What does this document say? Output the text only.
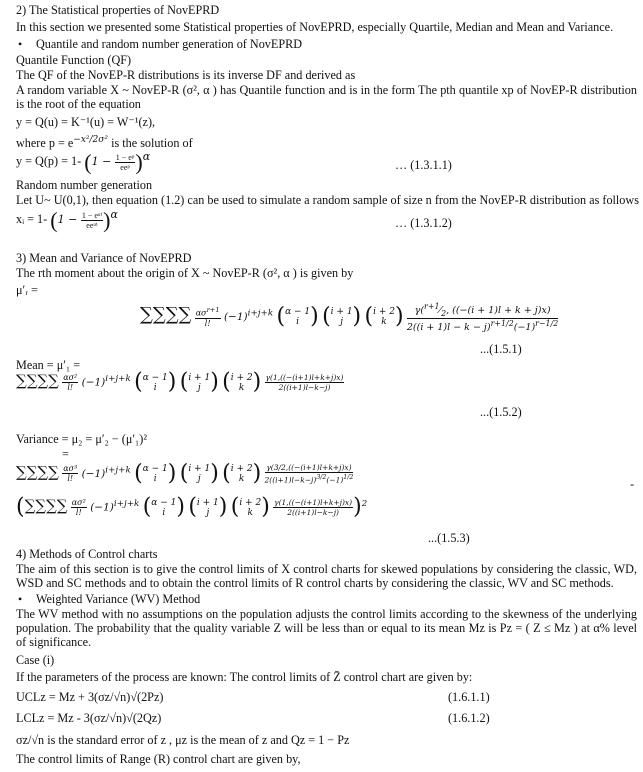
2) The Statistical properties of NovEPRD
In this section we presented some Statistical properties of NovEPRD, especially Quartile, Median and Mean and Variance.
• Quantile and random number generation of NovEPRD
Quantile Function (QF)
The QF of the NovEP-R distributions is its inverse DF and derived as
A random variable X ~ NovEP-R (σ², α ) has Quantile function and is in the form The pth quantile xp of NovEP-R distribution is the root of the equation
y = Q(u) = K⁻¹(u) = W⁻¹(z),
where $p = e^{-x^2/2\sigma^2}$ is the solution of
y = Q(p) = 1- $(1 - \frac{\text{1 − eᵖ}}{\text{eeᵖ}} )^\alpha$
… (1.3.1.1)
Random number generation
Let U~ U(0,1), then equation (1.2) can be used to simulate a random sample of size n from the NovEP-R distribution as follows
xᵢ = 1- $(1 - \frac{\text{1 − eᵘⁱ}}{\text{eeᵘⁱ}} )^\alpha$
… (1.3.1.2)
3) Mean and Variance of NovEPRD
The rth moment about the origin of X ~ NovEP-R (σ², α ) is given by
μ′ᵣ =
∑∑∑∑ $\frac{\alpha\sigma^{r+1}}{l!} (-1)^{i+j+k}$ ( α − 1
i ) ( i + 1
j ) ( i + 2
k ) $\frac{\gamma(^{r+1}⁄_2, ((-(i + 1)l + k + j)x)}{2((i + 1)l - k - j)^{r+1/2}(-1)^{r-1/2}}$
...(1.5.1)
Mean = μ′₁ =
∑∑∑∑ $\frac{\text{ασ²}}{l!} (-1)^{i+j+k}$ ( α − 1
i ) ( i + 1
j ) ( i + 2
k ) $\frac{\gamma(1,((-(i+1)l+k+j)x)}{2((i+1)l-k-j)}$
...(1.5.2)
Variance = μ₂ = μ′₂ − (μ′₁)²
=
∑∑∑∑ $\frac{\text{ασ³}}{l!} (-1)^{i+j+k}$ ( α − 1
i ) ( i + 1
j ) ( i + 2
k ) $\frac{\gamma(3/2,((-(i+1)l+k+j)x)}{2((i+1)l-k-j)^{3/2}(-1)^{1/2}}$	-
(∑∑∑∑ $\frac{\text{ασ²}}{l!} (-1)^{i+j+k}$ ( α − 1
i ) ( i + 1
j ) ( i + 2
k ) $\frac{\gamma(1,((-(i+1)l+k+j)x)}{2((i+1)l-k-j)} )^2$
...(1.5.3)
4) Methods of Control charts
The aim of this section is to give the control limits of X control charts for skewed populations by considering the classic, WD, WSD and SC methods and to obtain the control limits of R control charts by considering the classic, WV and SC methods.
• Weighted Variance (WV) Method
The WV method with no assumptions on the population adjusts the control limits according to the skewness of the underlying population. The probability that the quality variable Z will be less than or equal to its mean Mz is Pz = ( Z ≤ Mz ) at α% level of significance.
Case (i)
If the parameters of the process are known: The control limits of Z̄ control chart are given by:
UCLz = Mz + 3(σz/√n)√(2Pz)	(1.6.1.1)
LCLz = Mz - 3(σz/√n)√(2Qz)	(1.6.1.2)
σz/√n is the standard error of z , μz is the mean of z and Qz = 1 − Pz
The control limits of Range (R) control chart are given by,
